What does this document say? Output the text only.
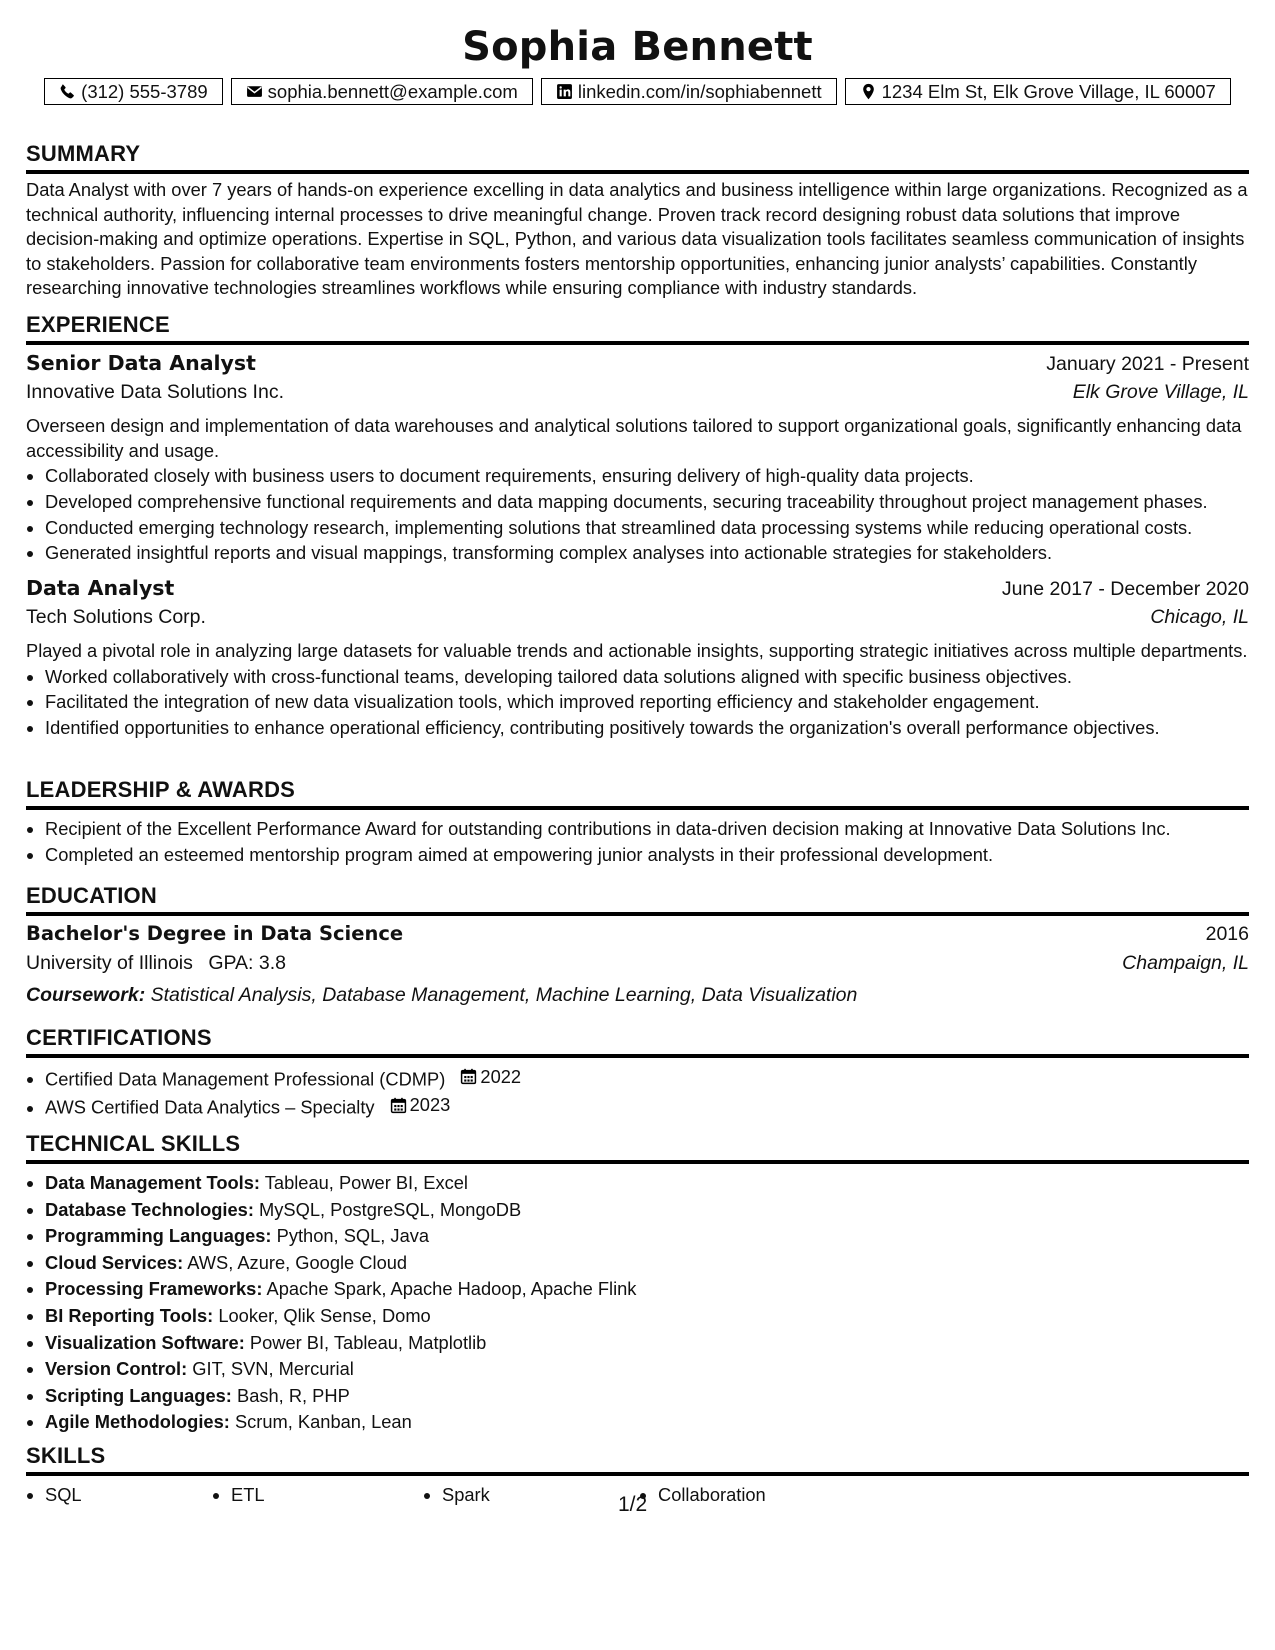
Sophia Bennett
(312) 555-3789	sophia.bennett@example.com	linkedin.com/in/sophiabennett	1234 Elm St, Elk Grove Village, IL 60007
SUMMARY
Data Analyst with over 7 years of hands-on experience excelling in data analytics and business intelligence within large organizations. Recognized as a technical authority, influencing internal processes to drive meaningful change. Proven track record designing robust data solutions that improve decision-making and optimize operations. Expertise in SQL, Python, and various data visualization tools facilitates seamless communication of insights to stakeholders. Passion for collaborative team environments fosters mentorship opportunities, enhancing junior analysts’ capabilities. Constantly researching innovative technologies streamlines workflows while ensuring compliance with industry standards.
EXPERIENCE
Senior Data Analyst	January 2021 - Present
Innovative Data Solutions Inc.	Elk Grove Village, IL
Overseen design and implementation of data warehouses and analytical solutions tailored to support organizational goals, significantly enhancing data accessibility and usage.
• Collaborated closely with business users to document requirements, ensuring delivery of high-quality data projects.
• Developed comprehensive functional requirements and data mapping documents, securing traceability throughout project management phases.
• Conducted emerging technology research, implementing solutions that streamlined data processing systems while reducing operational costs.
• Generated insightful reports and visual mappings, transforming complex analyses into actionable strategies for stakeholders.
Data Analyst	June 2017 - December 2020
Tech Solutions Corp.	Chicago, IL
Played a pivotal role in analyzing large datasets for valuable trends and actionable insights, supporting strategic initiatives across multiple departments.
• Worked collaboratively with cross-functional teams, developing tailored data solutions aligned with specific business objectives.
• Facilitated the integration of new data visualization tools, which improved reporting efficiency and stakeholder engagement.
• Identified opportunities to enhance operational efficiency, contributing positively towards the organization's overall performance objectives.
LEADERSHIP & AWARDS
• Recipient of the Excellent Performance Award for outstanding contributions in data-driven decision making at Innovative Data Solutions Inc.
• Completed an esteemed mentorship program aimed at empowering junior analysts in their professional development.
EDUCATION
Bachelor's Degree in Data Science	2016
University of Illinois GPA: 3.8	Champaign, IL
Coursework: Statistical Analysis, Database Management, Machine Learning, Data Visualization
CERTIFICATIONS
• Certified Data Management Professional (CDMP) 2022
• AWS Certified Data Analytics – Specialty 2023
TECHNICAL SKILLS
• Data Management Tools: Tableau, Power BI, Excel
• Database Technologies: MySQL, PostgreSQL, MongoDB
• Programming Languages: Python, SQL, Java
• Cloud Services: AWS, Azure, Google Cloud
• Processing Frameworks: Apache Spark, Apache Hadoop, Apache Flink
• BI Reporting Tools: Looker, Qlik Sense, Domo
• Visualization Software: Power BI, Tableau, Matplotlib
• Version Control: GIT, SVN, Mercurial
• Scripting Languages: Bash, R, PHP
• Agile Methodologies: Scrum, Kanban, Lean
SKILLS
• SQL	• ETL	• Spark	• Collaboration
1/2
